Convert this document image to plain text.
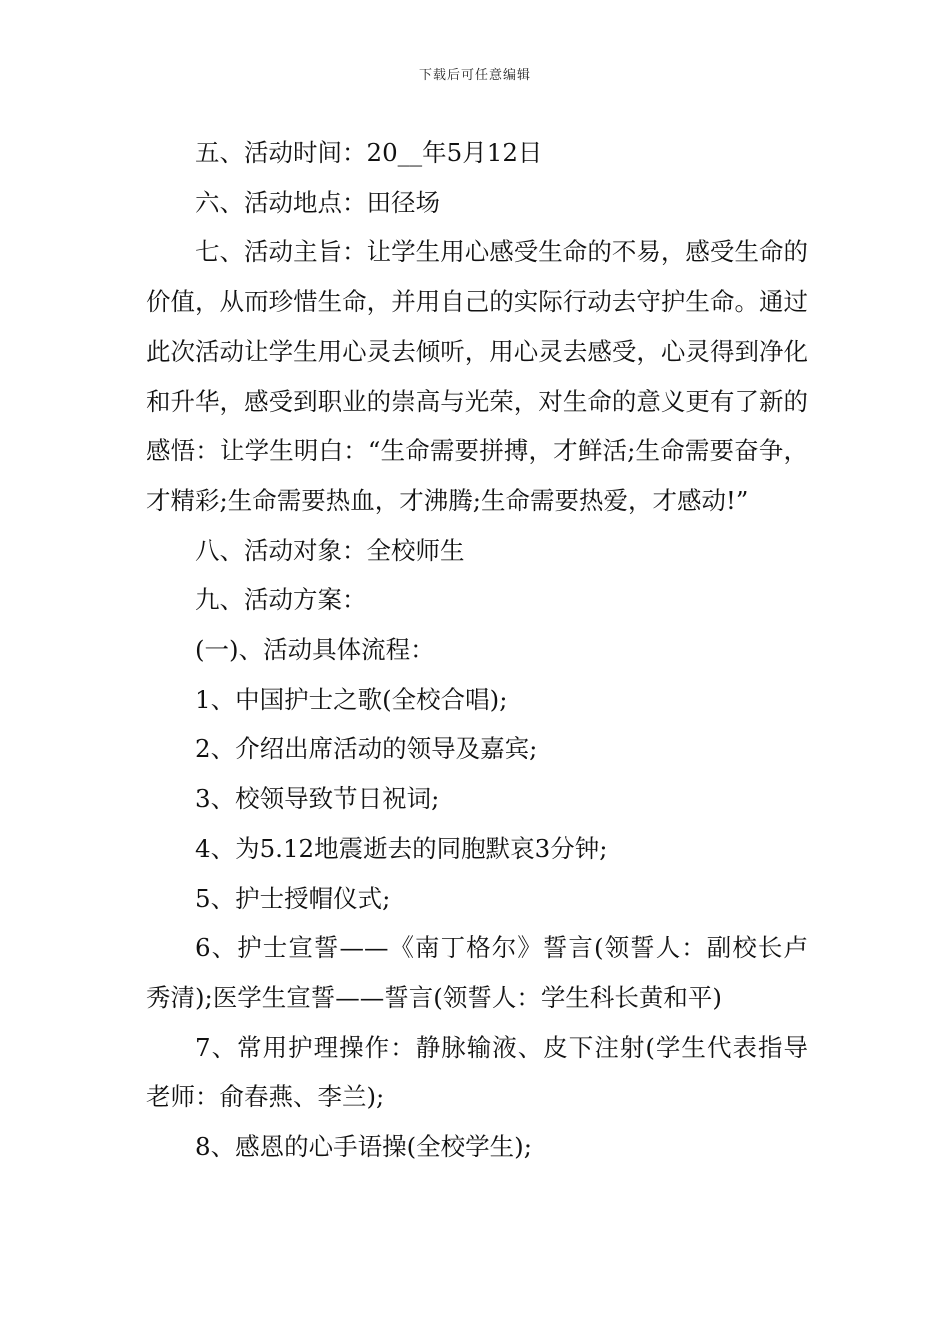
下载后可任意编辑

五、活动时间：20__年5月12日

六、活动地点：田径场

七、活动主旨：让学生用心感受生命的不易，感受生命的价值，从而珍惜生命，并用自己的实际行动去守护生命。通过此次活动让学生用心灵去倾听，用心灵去感受，心灵得到净化和升华，感受到职业的崇高与光荣，对生命的意义更有了新的感悟：让学生明白：“生命需要拼搏，才鲜活;生命需要奋争，才精彩;生命需要热血，才沸腾;生命需要热爱，才感动!”

八、活动对象：全校师生

九、活动方案：

(一)、活动具体流程：

1、中国护士之歌(全校合唱);

2、介绍出席活动的领导及嘉宾;

3、校领导致节日祝词;

4、为5.12地震逝去的同胞默哀3分钟;

5、护士授帽仪式;

6、护士宣誓——《南丁格尔》誓言(领誓人：副校长卢秀清);医学生宣誓——誓言(领誓人：学生科长黄和平)

7、常用护理操作：静脉输液、皮下注射(学生代表指导老师：俞春燕、李兰);

8、感恩的心手语操(全校学生);
